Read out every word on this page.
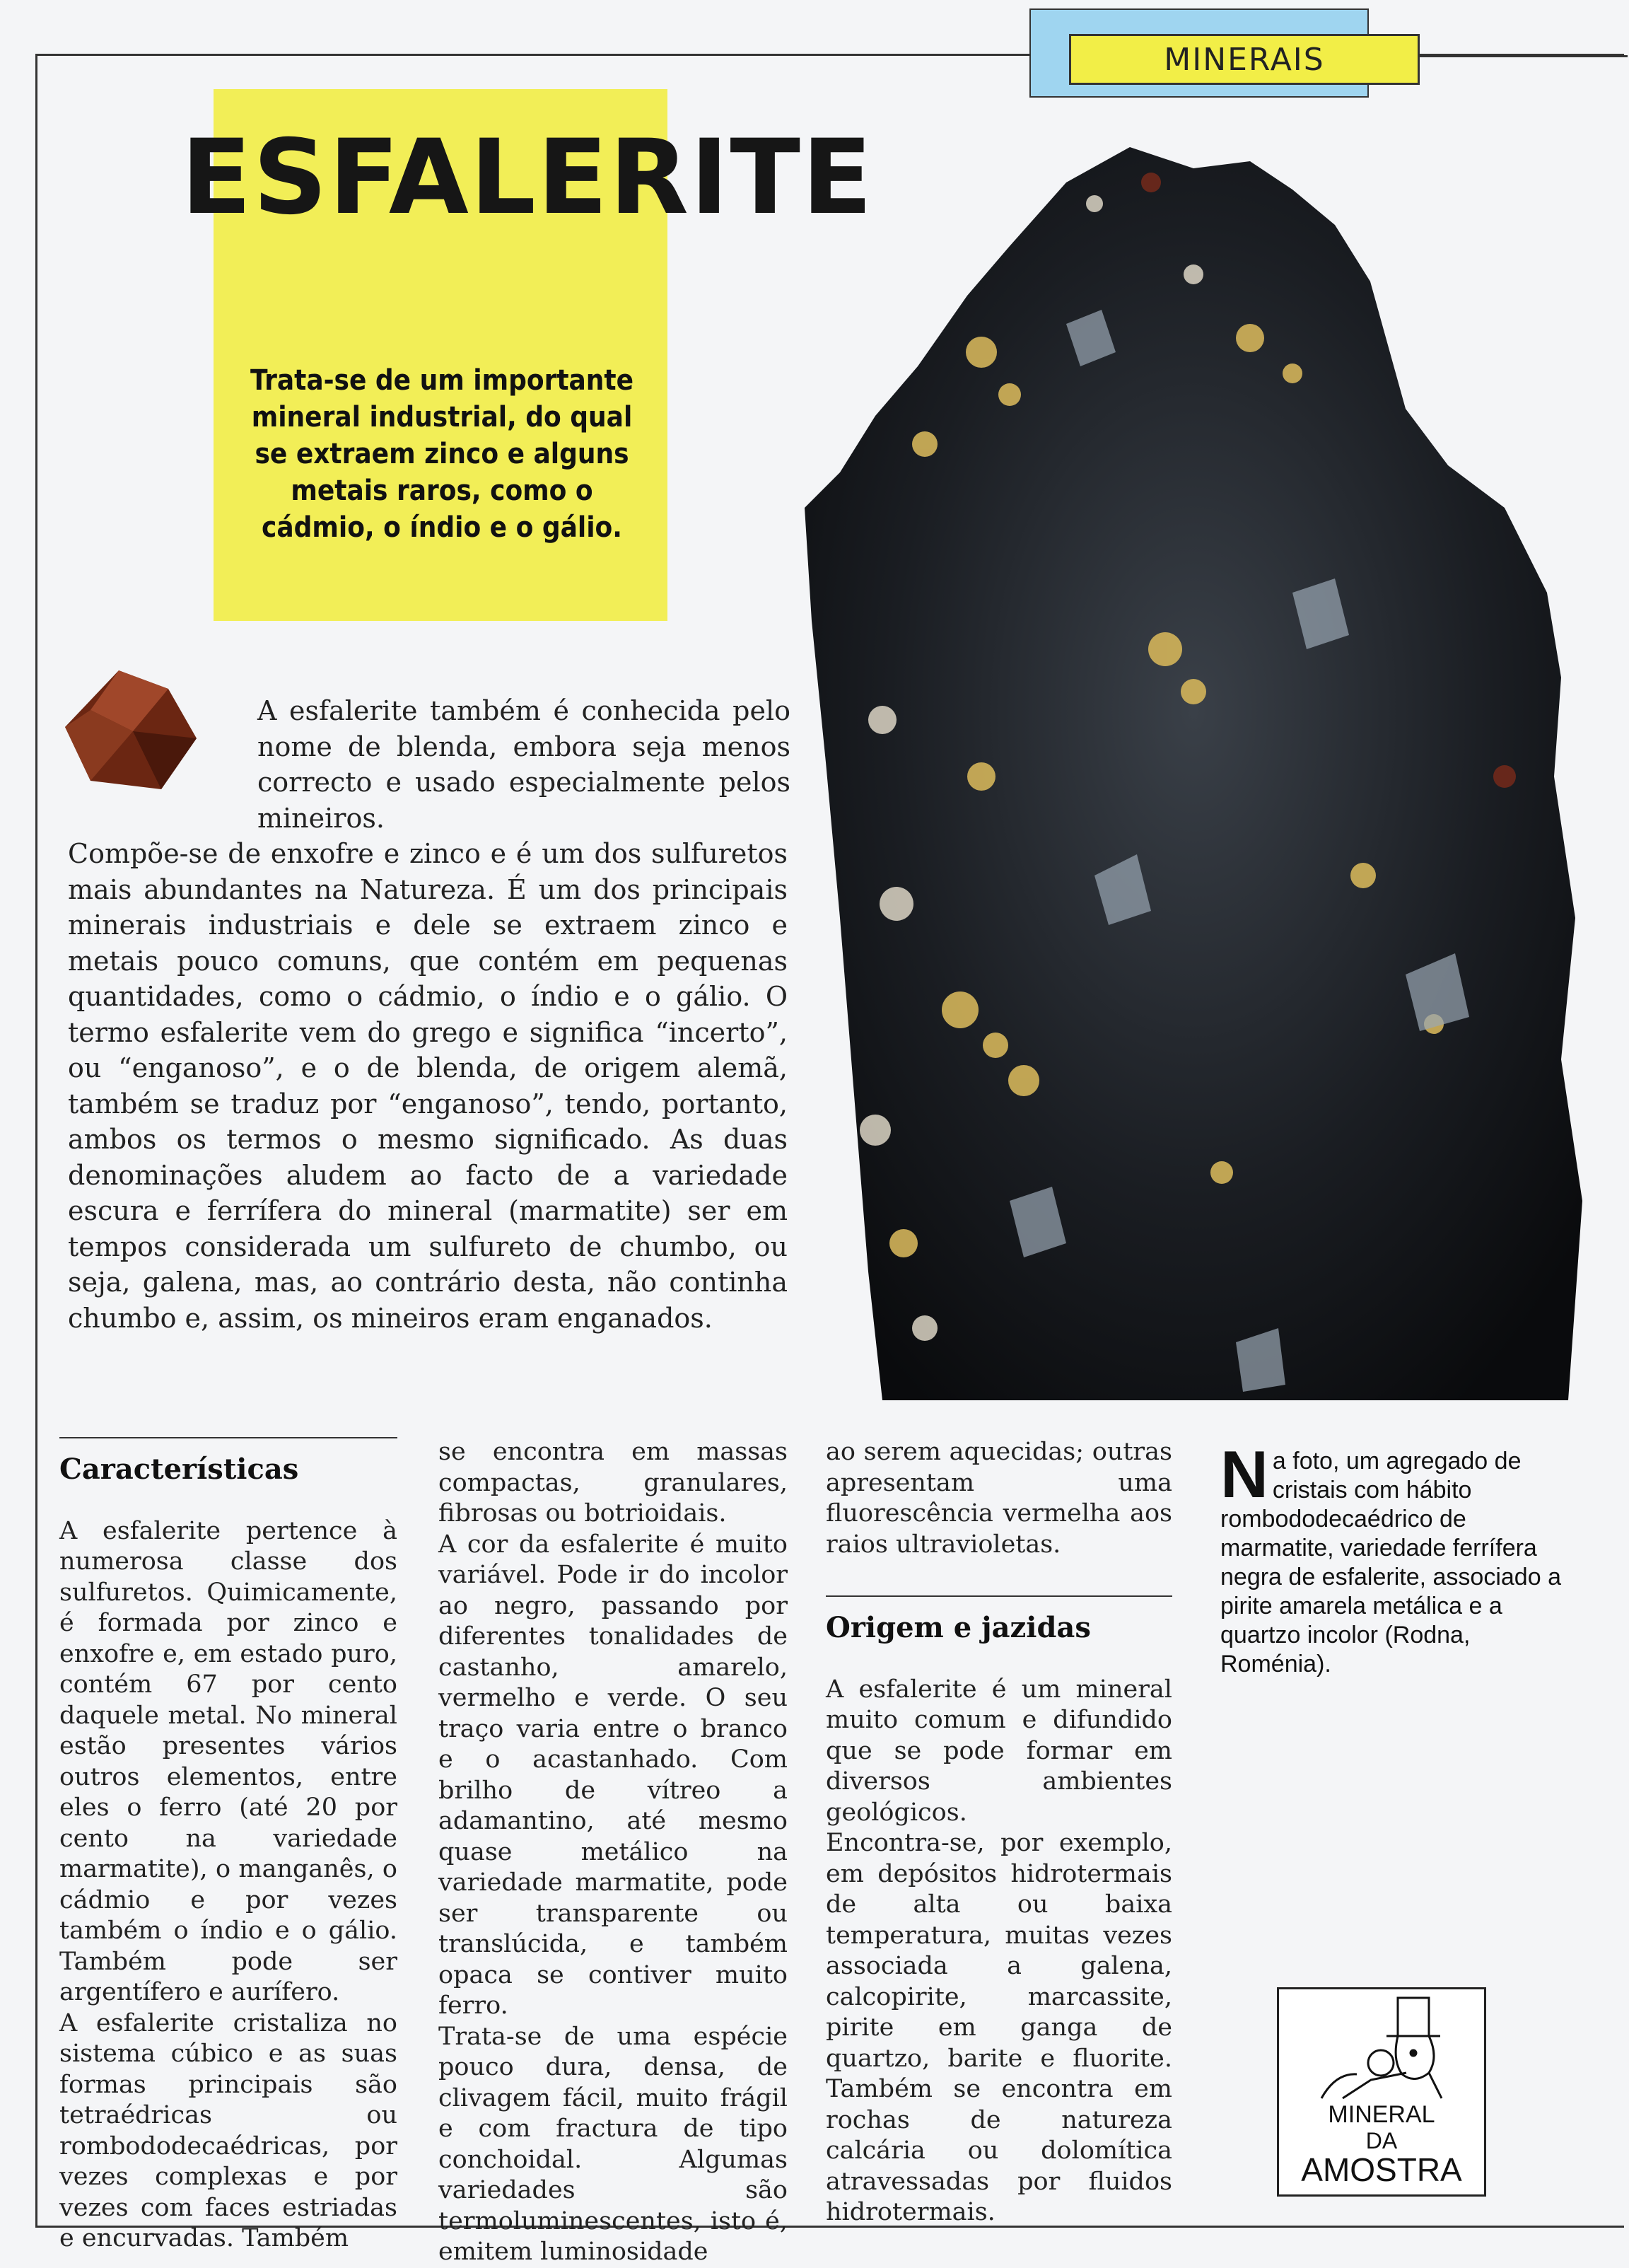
MINERAIS
ESFALERITE
Trata-se de um importante mineral industrial, do qual se extraem zinco e alguns metais raros, como o cádmio, o índio e o gálio.
A esfalerite também é conhecida pelo nome de blenda, embora seja menos correcto e usado especialmente pelos mineiros.
Compõe-se de enxofre e zinco e é um dos sulfuretos mais abundantes na Natureza. É um dos principais minerais industriais e dele se extraem zinco e metais pouco comuns, que contém em pequenas quantidades, como o cádmio, o índio e o gálio. O termo esfalerite vem do grego e significa “incerto”, ou “enganoso”, e o de blenda, de origem alemã, também se traduz por “enganoso”, tendo, portanto, ambos os termos o mesmo significado. As duas denominações aludem ao facto de a variedade escura e ferrífera do mineral (marmatite) ser em tempos considerada um sulfureto de chumbo, ou seja, galena, mas, ao contrário desta, não continha chumbo e, assim, os mineiros eram enganados.
Características

A esfalerite pertence à numerosa classe dos sulfuretos. Quimicamente, é formada por zinco e enxofre e, em estado puro, contém 67 por cento daquele metal. No mineral estão presentes vários outros elementos, entre eles o ferro (até 20 por cento na variedade marmatite), o manganês, o cádmio e por vezes também o índio e o gálio. Também pode ser argentífero e aurífero.

A esfalerite cristaliza no sistema cúbico e as suas formas principais são tetraédricas ou rombododecaédricas, por vezes complexas e por vezes com faces estriadas e encurvadas. Também

se encontra em massas compactas, granulares, fibrosas ou botrioidais.

A cor da esfalerite é muito variável. Pode ir do incolor ao negro, passando por diferentes tonalidades de castanho, amarelo, vermelho e verde. O seu traço varia entre o branco e o acastanhado. Com brilho de vítreo a adamantino, até mesmo quase metálico na variedade marmatite, pode ser transparente ou translúcida, e também opaca se contiver muito ferro.

Trata-se de uma espécie pouco dura, densa, de clivagem fácil, muito frágil e com fractura de tipo conchoidal. Algumas variedades são termoluminescentes, isto é, emitem luminosidade

ao serem aquecidas; outras apresentam uma fluorescência vermelha aos raios ultravioletas.

Origem e jazidas

A esfalerite é um mineral muito comum e difundido que se pode formar em diversos ambientes geológicos.

Encontra-se, por exemplo, em depósitos hidrotermais de alta ou baixa temperatura, muitas vezes associada a galena, calcopirite, marcassite, pirite em ganga de quartzo, barite e fluorite. Também se encontra em rochas de natureza calcária ou dolomítica atravessadas por fluidos hidrotermais.

N a foto, um agregado de cristais com hábito rombododecaédrico de marmatite, variedade ferrífera negra de esfalerite, associado a pirite amarela metálica e a quartzo incolor (Rodna, Roménia).
MINERAL
DA
AMOSTRA
